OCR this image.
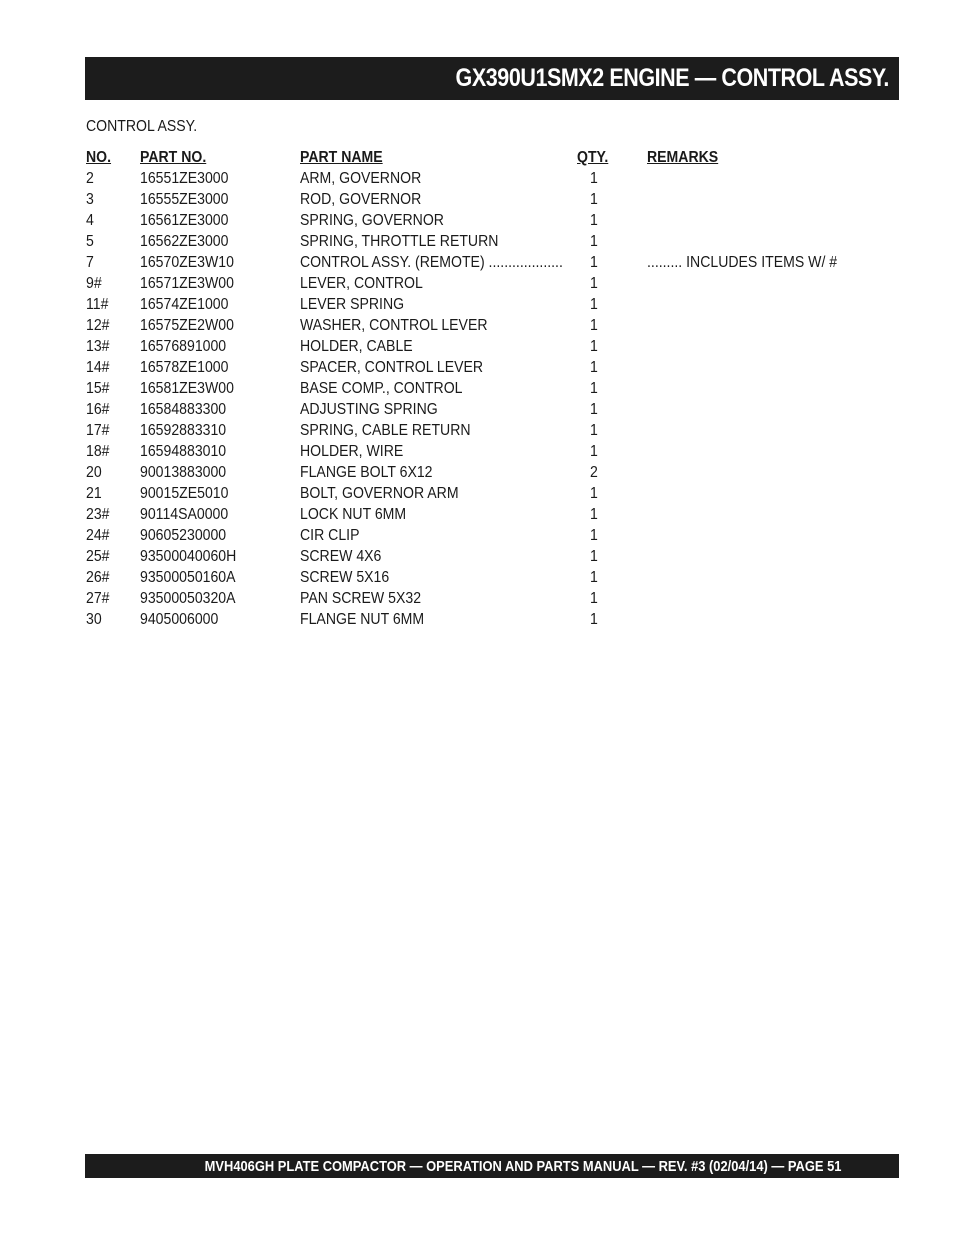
GX390U1SMX2 ENGINE — CONTROL ASSY.
CONTROL ASSY.
NO. PART NO.	PART NAME	QTY. REMARKS
2	16551ZE3000	ARM, GOVERNOR	1
3	16555ZE3000	ROD, GOVERNOR	1
4	16561ZE3000	SPRING, GOVERNOR	1
5	16562ZE3000	SPRING, THROTTLE RETURN	1
7	16570ZE3W10	CONTROL ASSY. (REMOTE) ................... 1	......... INCLUDES ITEMS W/ #
9# 16571ZE3W00	LEVER, CONTROL	1
11# 16574ZE1000	LEVER SPRING	1
12# 16575ZE2W00	WASHER, CONTROL LEVER	1
13# 16576891000	HOLDER, CABLE	1
14# 16578ZE1000	SPACER, CONTROL LEVER	1
15# 16581ZE3W00	BASE COMP., CONTROL	1
16# 16584883300	ADJUSTING SPRING	1
17# 16592883310	SPRING, CABLE RETURN	1
18# 16594883010	HOLDER, WIRE	1
20 90013883000	FLANGE BOLT 6X12	2
21 90015ZE5010	BOLT, GOVERNOR ARM	1
23# 90114SA0000	LOCK NUT 6MM	1
24# 90605230000	CIR CLIP	1
25# 93500040060H	SCREW 4X6	1
26# 93500050160A	SCREW 5X16	1
27# 93500050320A	PAN SCREW 5X32	1
30 9405006000	FLANGE NUT 6MM	1
MVH406GH PLATE COMPACTOR — OPERATION AND PARTS MANUAL — REV. #3 (02/04/14) — PAGE 51
